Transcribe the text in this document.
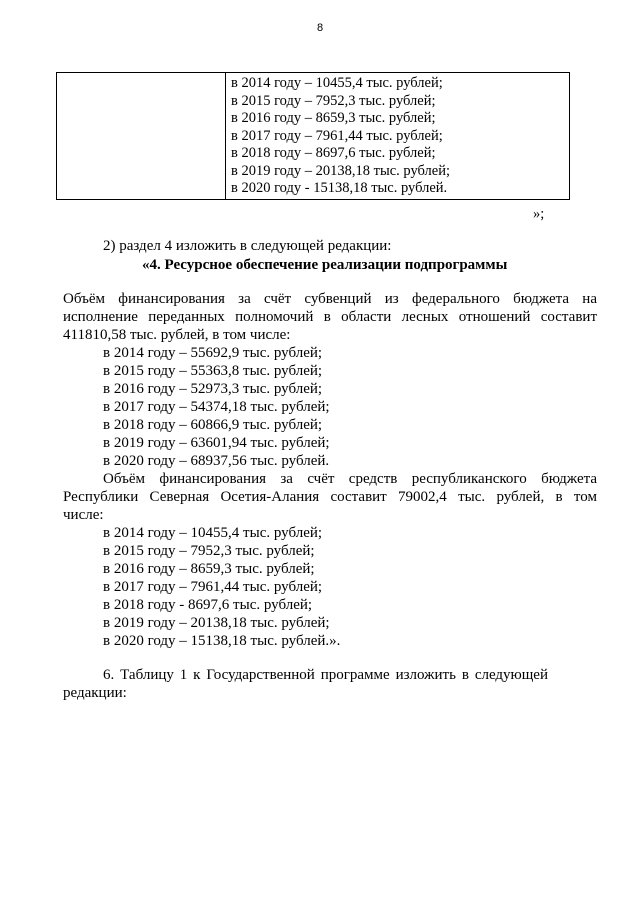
8

в 2014 году – 10455,4 тыс. рублей;
в 2015 году – 7952,3 тыс. рублей;
в 2016 году – 8659,3 тыс. рублей;
в 2017 году – 7961,44 тыс. рублей;
в 2018 году – 8697,6 тыс. рублей;
в 2019 году – 20138,18 тыс. рублей;
в 2020 году - 15138,18 тыс. рублей.
»;
2) раздел 4 изложить в следующей редакции:
«4. Ресурсное обеспечение реализации подпрограммы
Объём финансирования за счёт субвенций из федерального бюджета на
исполнение переданных полномочий в области лесных отношений составит
411810,58 тыс. рублей, в том числе:
в 2014 году – 55692,9 тыс. рублей;
в 2015 году – 55363,8 тыс. рублей;
в 2016 году – 52973,3 тыс. рублей;
в 2017 году – 54374,18 тыс. рублей;
в 2018 году – 60866,9 тыс. рублей;
в 2019 году – 63601,94 тыс. рублей;
в 2020 году – 68937,56 тыс. рублей.
Объём финансирования за счёт средств республиканского бюджета
Республики Северная Осетия-Алания составит 79002,4 тыс. рублей, в том
числе:
в 2014 году – 10455,4 тыс. рублей;
в 2015 году – 7952,3 тыс. рублей;
в 2016 году – 8659,3 тыс. рублей;
в 2017 году – 7961,44 тыс. рублей;
в 2018 году - 8697,6 тыс. рублей;
в 2019 году – 20138,18 тыс. рублей;
в 2020 году – 15138,18 тыс. рублей.».
6. Таблицу 1 к Государственной программе изложить в следующей
редакции:
